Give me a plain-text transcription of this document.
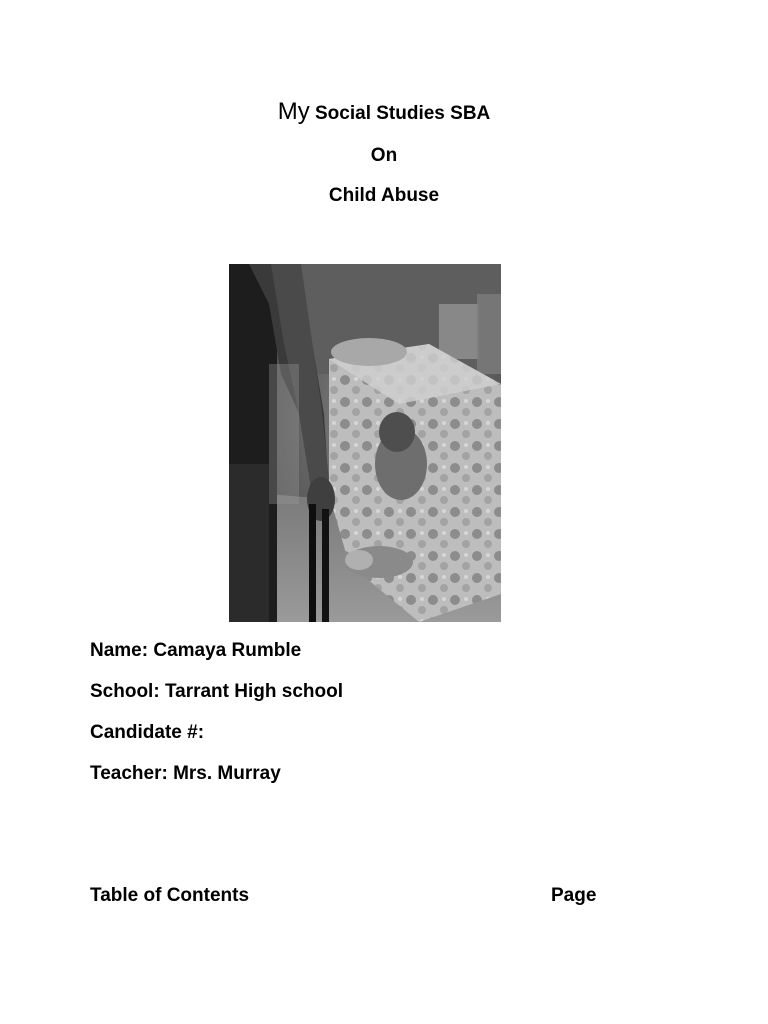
My Social Studies SBA
On
Child Abuse
Name: Camaya Rumble
School: Tarrant High school
Candidate #:
Teacher: Mrs. Murray
Table of Contents	Page
